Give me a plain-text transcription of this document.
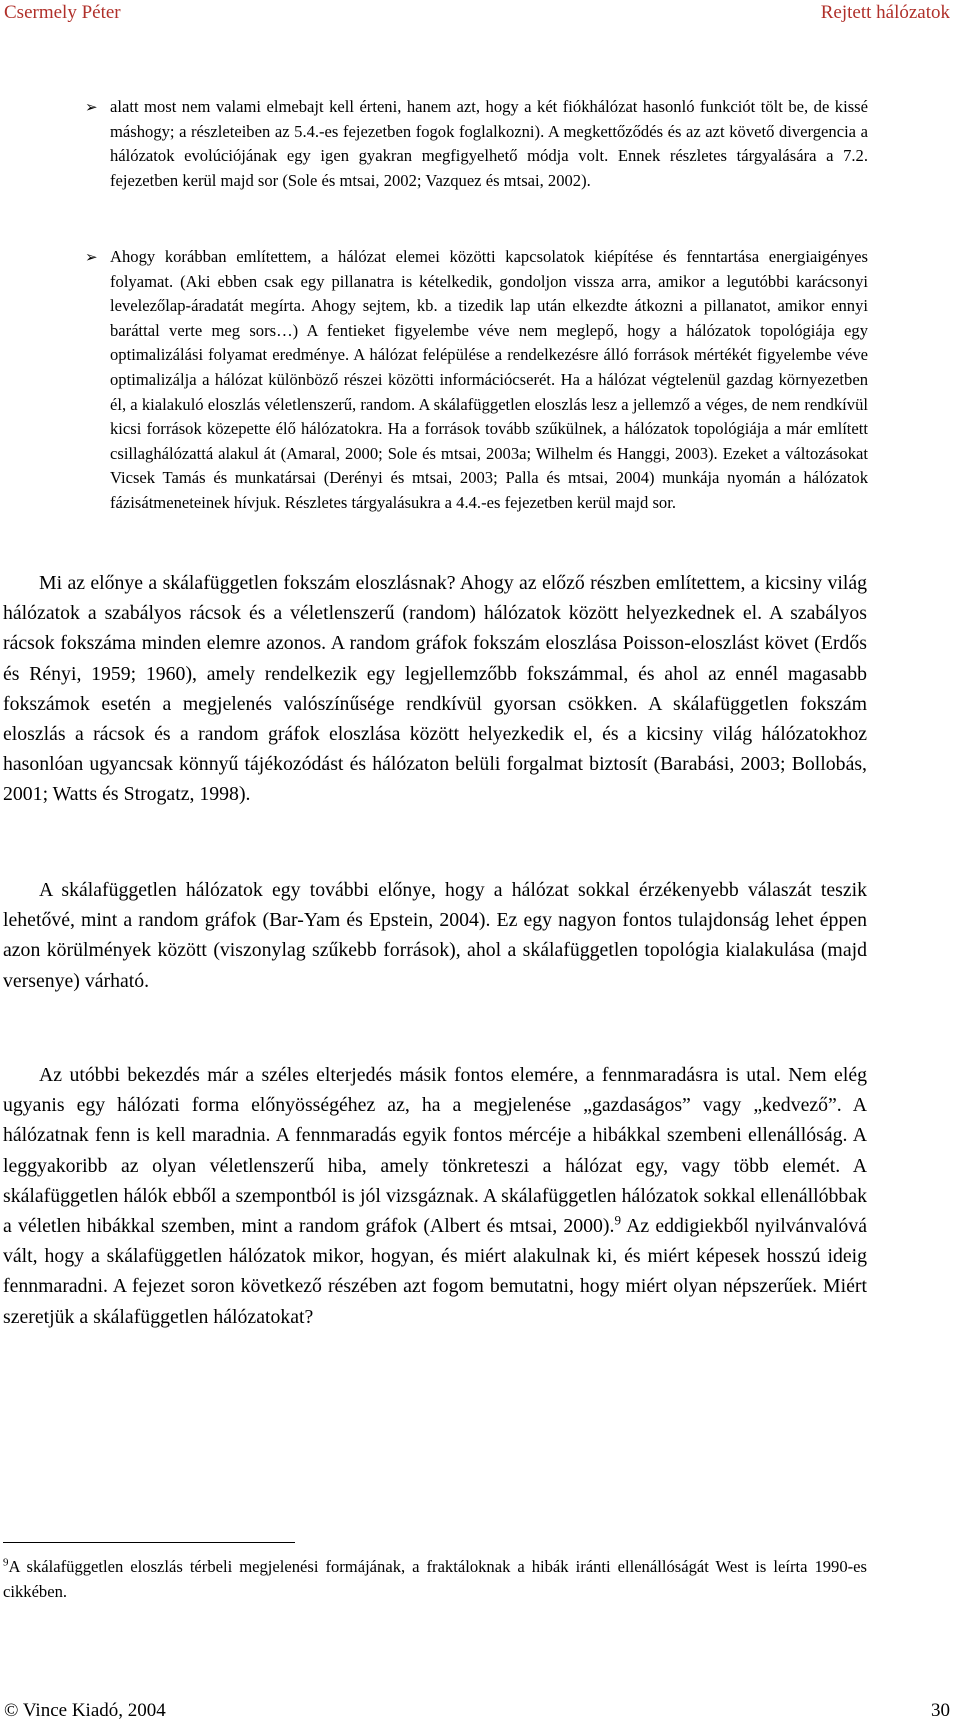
Csermely Péter	Rejtett hálózatok
➢ alatt most nem valami elmebajt kell érteni, hanem azt, hogy a két fiókhálózat hasonló funkciót tölt be, de kissé máshogy; a részleteiben az 5.4.-es fejezetben fogok foglalkozni). A megkettőződés és az azt követő divergencia a hálózatok evolúciójának egy igen gyakran megfigyelhető módja volt. Ennek részletes tárgyalására a 7.2. fejezetben kerül majd sor (Sole és mtsai, 2002; Vazquez és mtsai, 2002).
➢ Ahogy korábban említettem, a hálózat elemei közötti kapcsolatok kiépítése és fenntartása energiaigényes folyamat. (Aki ebben csak egy pillanatra is kételkedik, gondoljon vissza arra, amikor a legutóbbi karácsonyi levelezőlap-áradatát megírta. Ahogy sejtem, kb. a tizedik lap után elkezdte átkozni a pillanatot, amikor ennyi baráttal verte meg sors…) A fentieket figyelembe véve nem meglepő, hogy a hálózatok topológiája egy optimalizálási folyamat eredménye. A hálózat felépülése a rendelkezésre álló források mértékét figyelembe véve optimalizálja a hálózat különböző részei közötti információcserét. Ha a hálózat végtelenül gazdag környezetben él, a kialakuló eloszlás véletlenszerű, random. A skálafüggetlen eloszlás lesz a jellemző a véges, de nem rendkívül kicsi források közepette élő hálózatokra. Ha a források tovább szűkülnek, a hálózatok topológiája a már említett csillaghálózattá alakul át (Amaral, 2000; Sole és mtsai, 2003a; Wilhelm és Hanggi, 2003). Ezeket a változásokat Vicsek Tamás és munkatársai (Derényi és mtsai, 2003; Palla és mtsai, 2004) munkája nyomán a hálózatok fázisátmeneteinek hívjuk. Részletes tárgyalásukra a 4.4.-es fejezetben kerül majd sor.

Mi az előnye a skálafüggetlen fokszám eloszlásnak? Ahogy az előző részben említettem, a kicsiny világ hálózatok a szabályos rácsok és a véletlenszerű (random) hálózatok között helyezkednek el. A szabályos rácsok fokszáma minden elemre azonos. A random gráfok fokszám eloszlása Poisson-eloszlást követ (Erdős és Rényi, 1959; 1960), amely rendelkezik egy legjellemzőbb fokszámmal, és ahol az ennél magasabb fokszámok esetén a megjelenés valószínűsége rendkívül gyorsan csökken. A skálafüggetlen fokszám eloszlás a rácsok és a random gráfok eloszlása között helyezkedik el, és a kicsiny világ hálózatokhoz hasonlóan ugyancsak könnyű tájékozódást és hálózaton belüli forgalmat biztosít (Barabási, 2003; Bollobás, 2001; Watts és Strogatz, 1998).

A skálafüggetlen hálózatok egy további előnye, hogy a hálózat sokkal érzékenyebb válaszát teszik lehetővé, mint a random gráfok (Bar-Yam és Epstein, 2004). Ez egy nagyon fontos tulajdonság lehet éppen azon körülmények között (viszonylag szűkebb források), ahol a skálafüggetlen topológia kialakulása (majd versenye) várható.

Az utóbbi bekezdés már a széles elterjedés másik fontos elemére, a fennmaradásra is utal. Nem elég ugyanis egy hálózati forma előnyösségéhez az, ha a megjelenése „gazdaságos” vagy „kedvező”. A hálózatnak fenn is kell maradnia. A fennmaradás egyik fontos mércéje a hibákkal szembeni ellenállóság. A leggyakoribb az olyan véletlenszerű hiba, amely tönkreteszi a hálózat egy, vagy több elemét. A skálafüggetlen hálók ebből a szempontból is jól vizsgáznak. A skálafüggetlen hálózatok sokkal ellenállóbbak a véletlen hibákkal szemben, mint a random gráfok (Albert és mtsai, 2000).$^9$ Az eddigiekből nyilvánvalóvá vált, hogy a skálafüggetlen hálózatok mikor, hogyan, és miért alakulnak ki, és miért képesek hosszú ideig fennmaradni. A fejezet soron következő részében azt fogom bemutatni, hogy miért olyan népszerűek. Miért szeretjük a skálafüggetlen hálózatokat?

$^9$A skálafüggetlen eloszlás térbeli megjelenési formájának, a fraktáloknak a hibák iránti ellenállóságát West is leírta 1990-es cikkében.
© Vince Kiadó, 2004	30
